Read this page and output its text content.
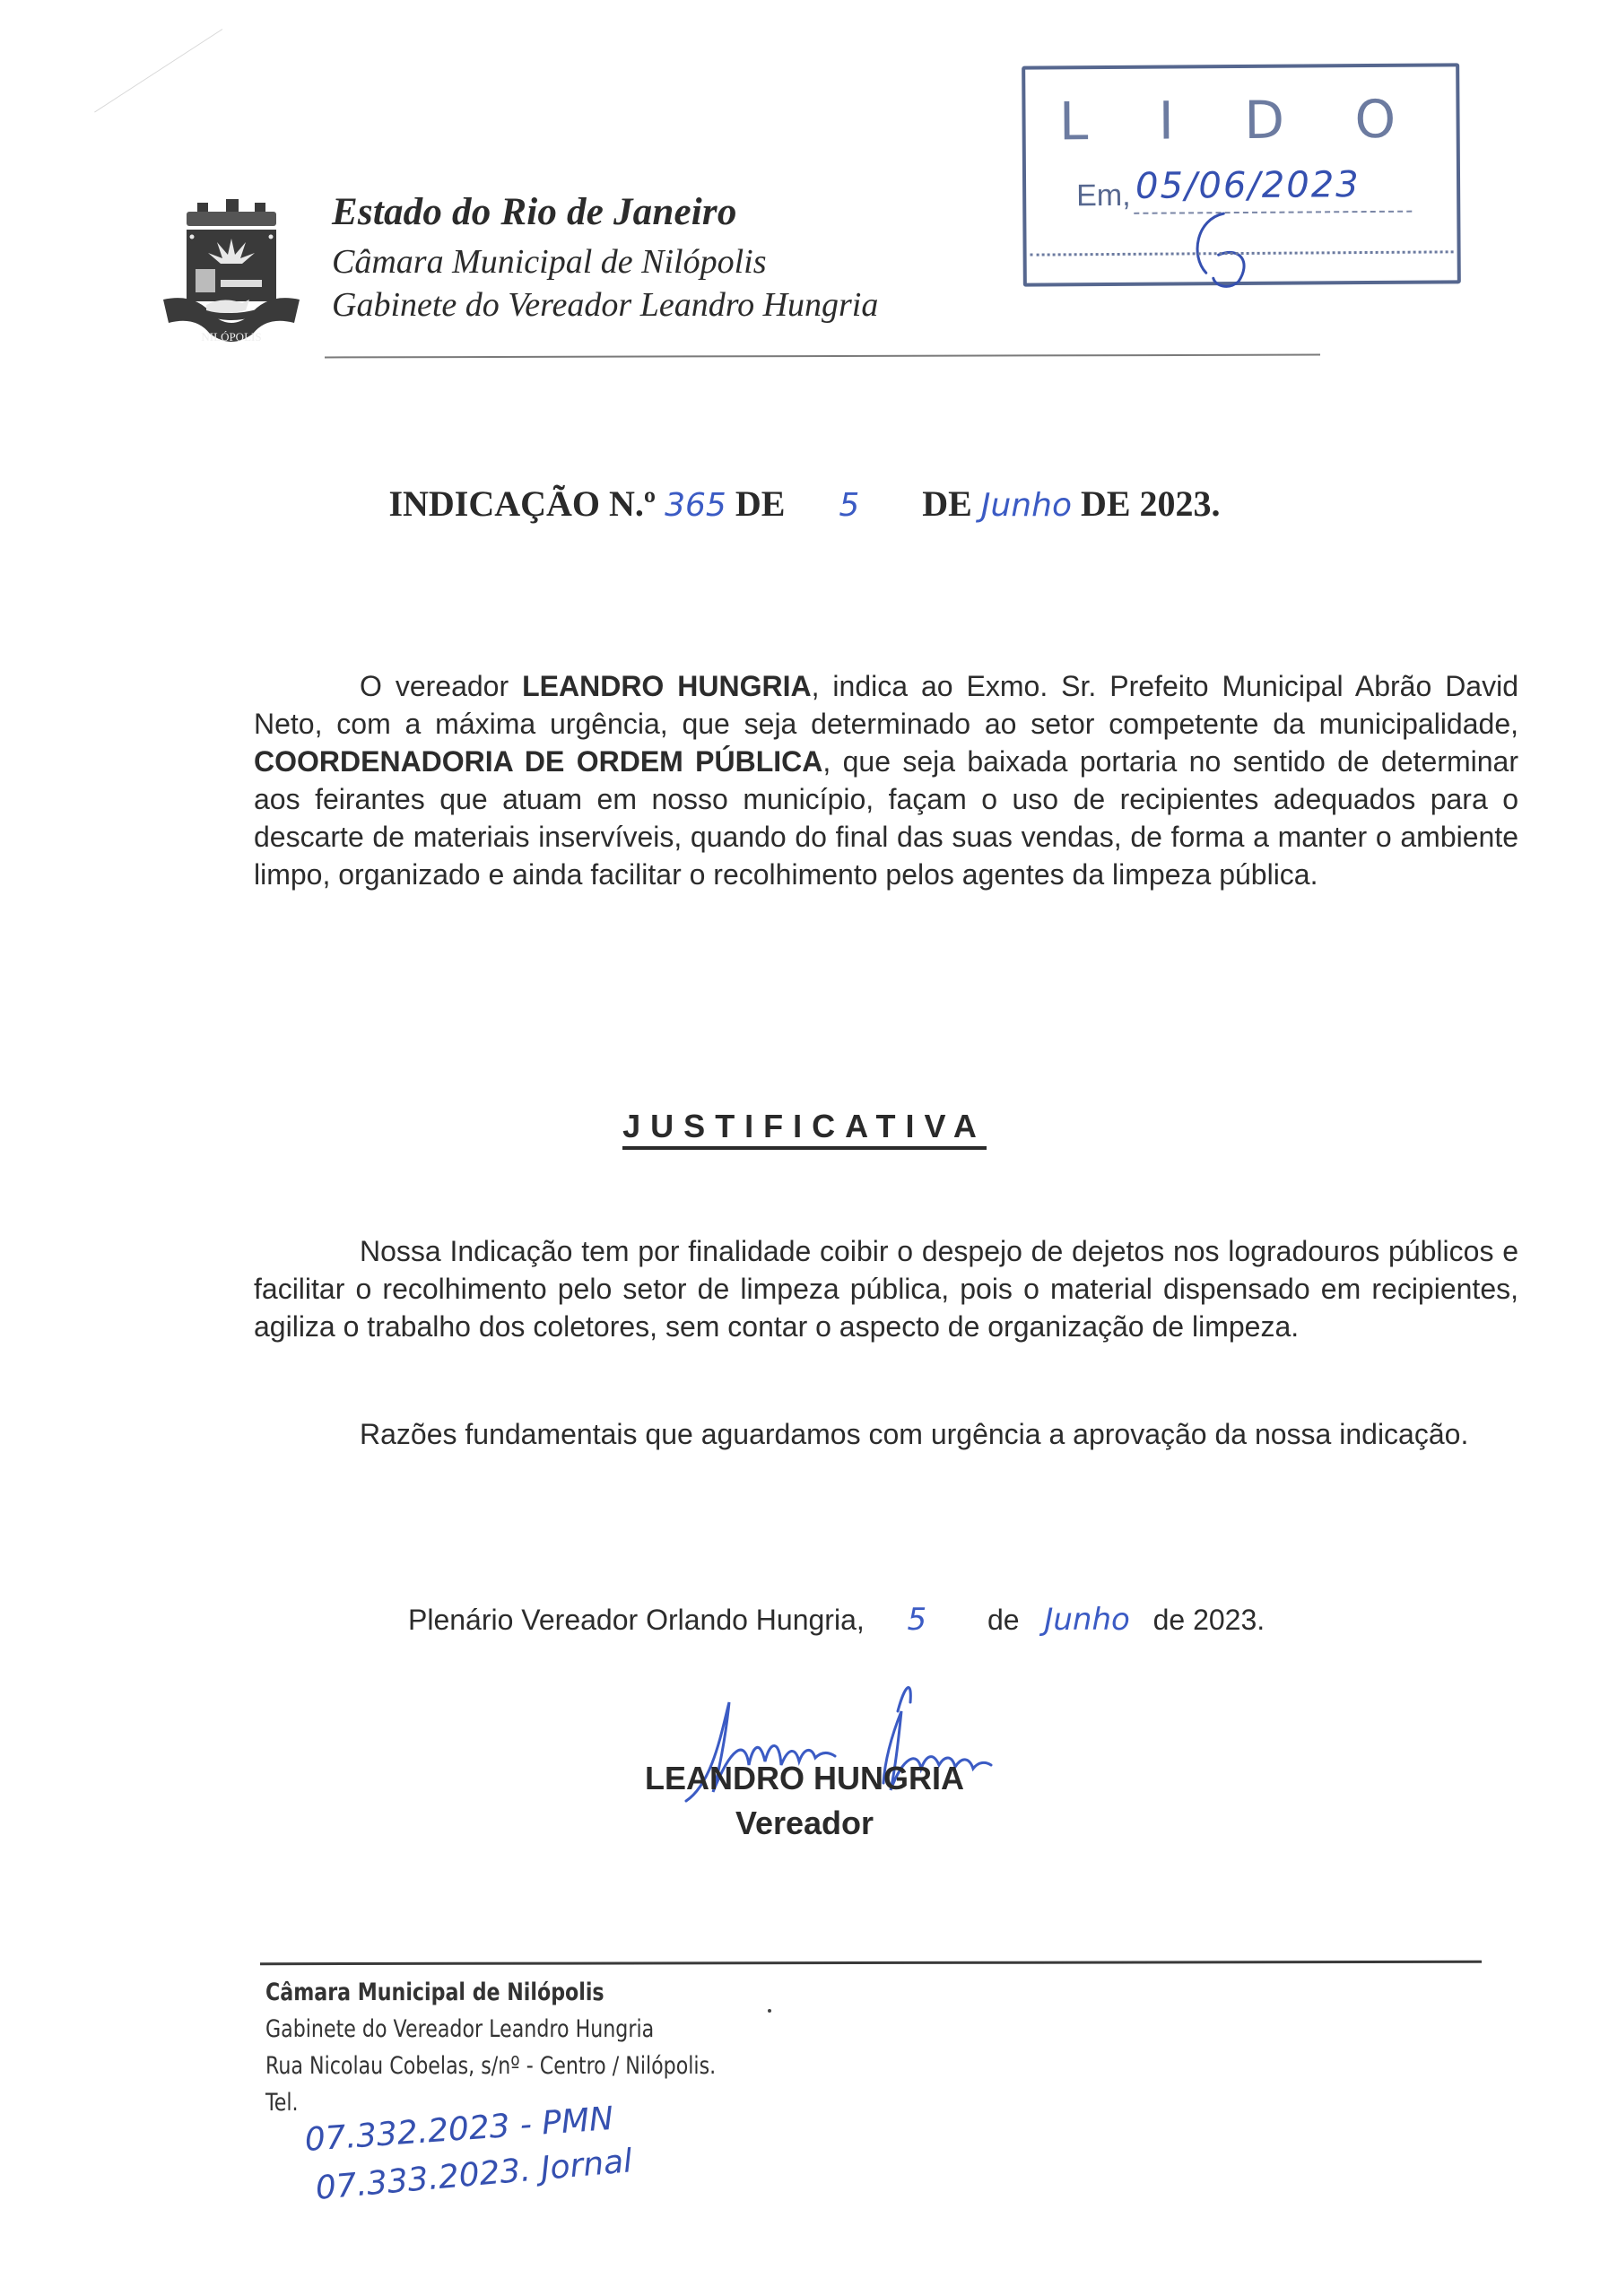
NILÓPOLIS
Estado do Rio de Janeiro
Câmara Municipal de Nilópolis
Gabinete do Vereador Leandro Hungria
L I D O
Em, 05/06/2023
INDICAÇÃO N.º 365 DE 5 DE Junho DE 2023.
O vereador LEANDRO HUNGRIA, indica ao Exmo. Sr. Prefeito Municipal Abrão David Neto, com a máxima urgência, que seja determinado ao setor competente da municipalidade, COORDENADORIA DE ORDEM PÚBLICA, que seja baixada portaria no sentido de determinar aos feirantes que atuam em nosso município, façam o uso de recipientes adequados para o descarte de materiais inservíveis, quando do final das suas vendas, de forma a manter o ambiente limpo, organizado e ainda facilitar o recolhimento pelos agentes da limpeza pública.
JUSTIFICATIVA
Nossa Indicação tem por finalidade coibir o despejo de dejetos nos logradouros públicos e facilitar o recolhimento pelo setor de limpeza pública, pois o material dispensado em recipientes, agiliza o trabalho dos coletores, sem contar o aspecto de organização de limpeza.
Razões fundamentais que aguardamos com urgência a aprovação da nossa indicação.
Plenário Vereador Orlando Hungria, 5 de Junho de 2023.
LEANDRO HUNGRIA
Vereador
Câmara Municipal de Nilópolis
Gabinete do Vereador Leandro Hungria
Rua Nicolau Cobelas, s/nº - Centro / Nilópolis.
Tel. 07.332.2023 - PMN
07.333.2023. Jornal
